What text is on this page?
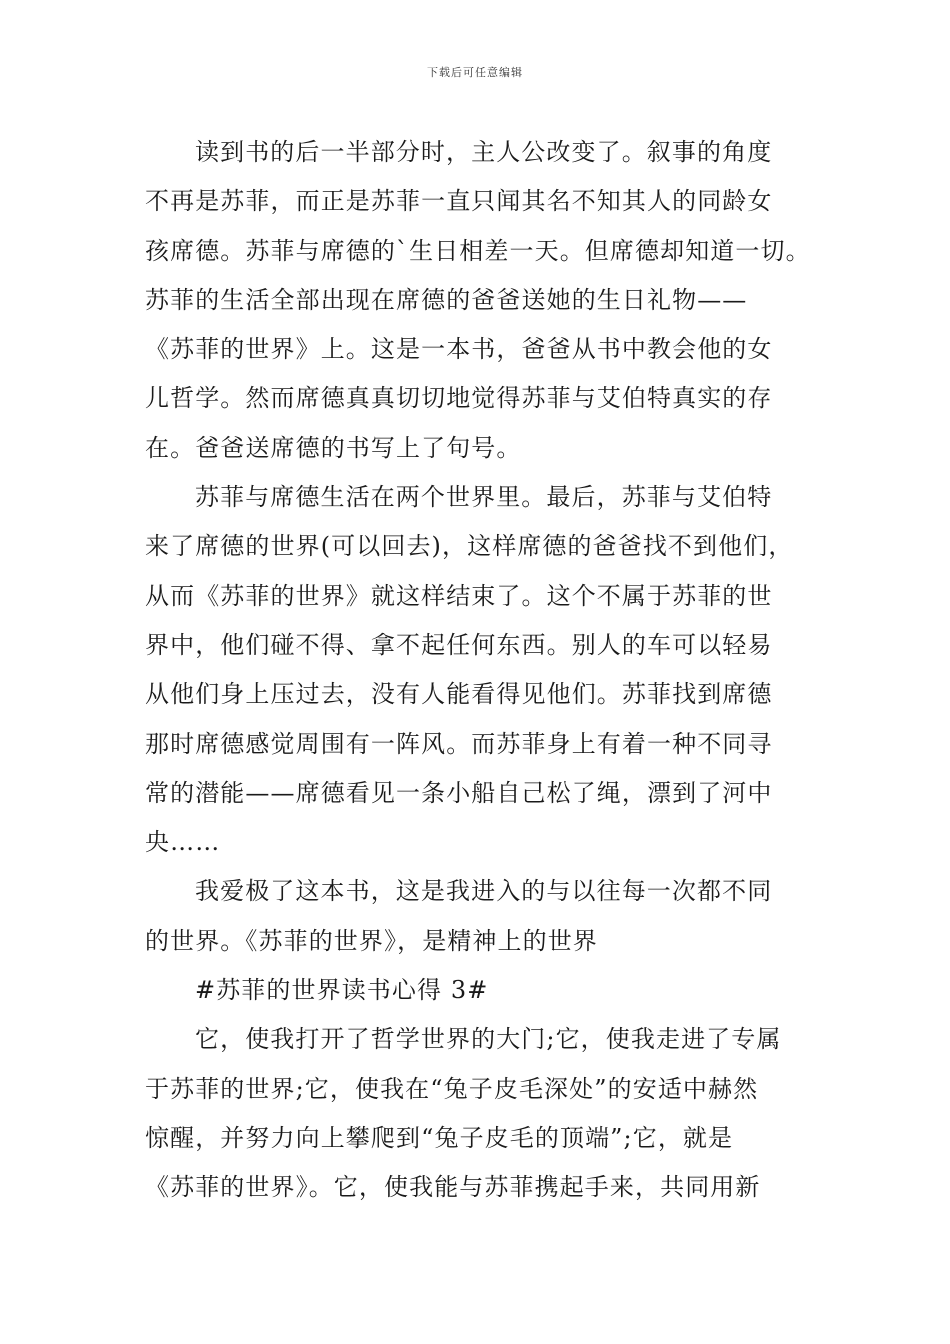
下载后可任意编辑
读到书的后一半部分时，主人公改变了。叙事的角度
不再是苏菲，而正是苏菲一直只闻其名不知其人的同龄女
孩席德。苏菲与席德的`生日相差一天。但席德却知道一切。
苏菲的生活全部出现在席德的爸爸送她的生日礼物——
《苏菲的世界》上。这是一本书，爸爸从书中教会他的女
儿哲学。然而席德真真切切地觉得苏菲与艾伯特真实的存
在。爸爸送席德的书写上了句号。
苏菲与席德生活在两个世界里。最后，苏菲与艾伯特
来了席德的世界(可以回去)，这样席德的爸爸找不到他们，
从而《苏菲的世界》就这样结束了。这个不属于苏菲的世
界中，他们碰不得、拿不起任何东西。别人的车可以轻易
从他们身上压过去，没有人能看得见他们。苏菲找到席德
那时席德感觉周围有一阵风。而苏菲身上有着一种不同寻
常的潜能——席德看见一条小船自己松了绳，漂到了河中
央……
我爱极了这本书，这是我进入的与以往每一次都不同
的世界。《苏菲的世界》，是精神上的世界
#苏菲的世界读书心得 3#
它，使我打开了哲学世界的大门;它，使我走进了专属
于苏菲的世界;它，使我在“兔子皮毛深处”的安适中赫然
惊醒，并努力向上攀爬到“兔子皮毛的顶端”;它，就是
《苏菲的世界》。它，使我能与苏菲携起手来，共同用新
